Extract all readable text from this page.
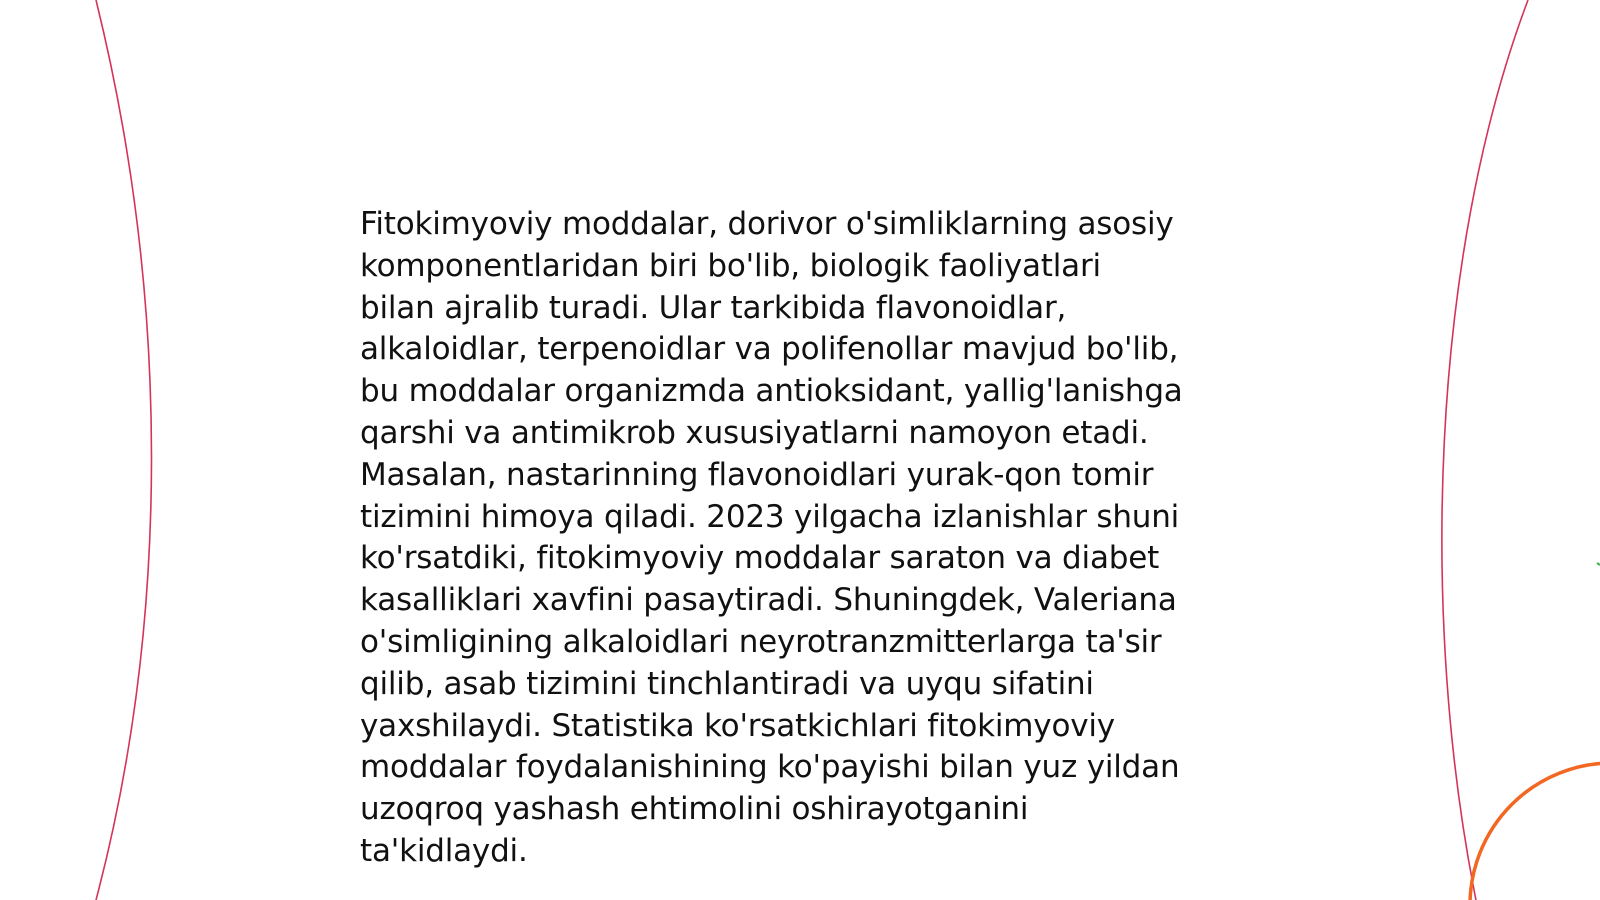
Fitokimyoviy moddalar, dorivor o'simliklarning asosiy
komponentlaridan biri bo'lib, biologik faoliyatlari
bilan ajralib turadi. Ular tarkibida flavonoidlar,
alkaloidlar, terpenoidlar va polifenollar mavjud bo'lib,
bu moddalar organizmda antioksidant, yallig'lanishga
qarshi va antimikrob xususiyatlarni namoyon etadi.
Masalan, nastarinning flavonoidlari yurak-qon tomir
tizimini himoya qiladi. 2023 yilgacha izlanishlar shuni
ko'rsatdiki, fitokimyoviy moddalar saraton va diabet
kasalliklari xavfini pasaytiradi. Shuningdek, Valeriana
o'simligining alkaloidlari neyrotranzmitterlarga ta'sir
qilib, asab tizimini tinchlantiradi va uyqu sifatini
yaxshilaydi. Statistika ko'rsatkichlari fitokimyoviy
moddalar foydalanishining ko'payishi bilan yuz yildan
uzoqroq yashash ehtimolini oshirayotganini
ta'kidlaydi.
